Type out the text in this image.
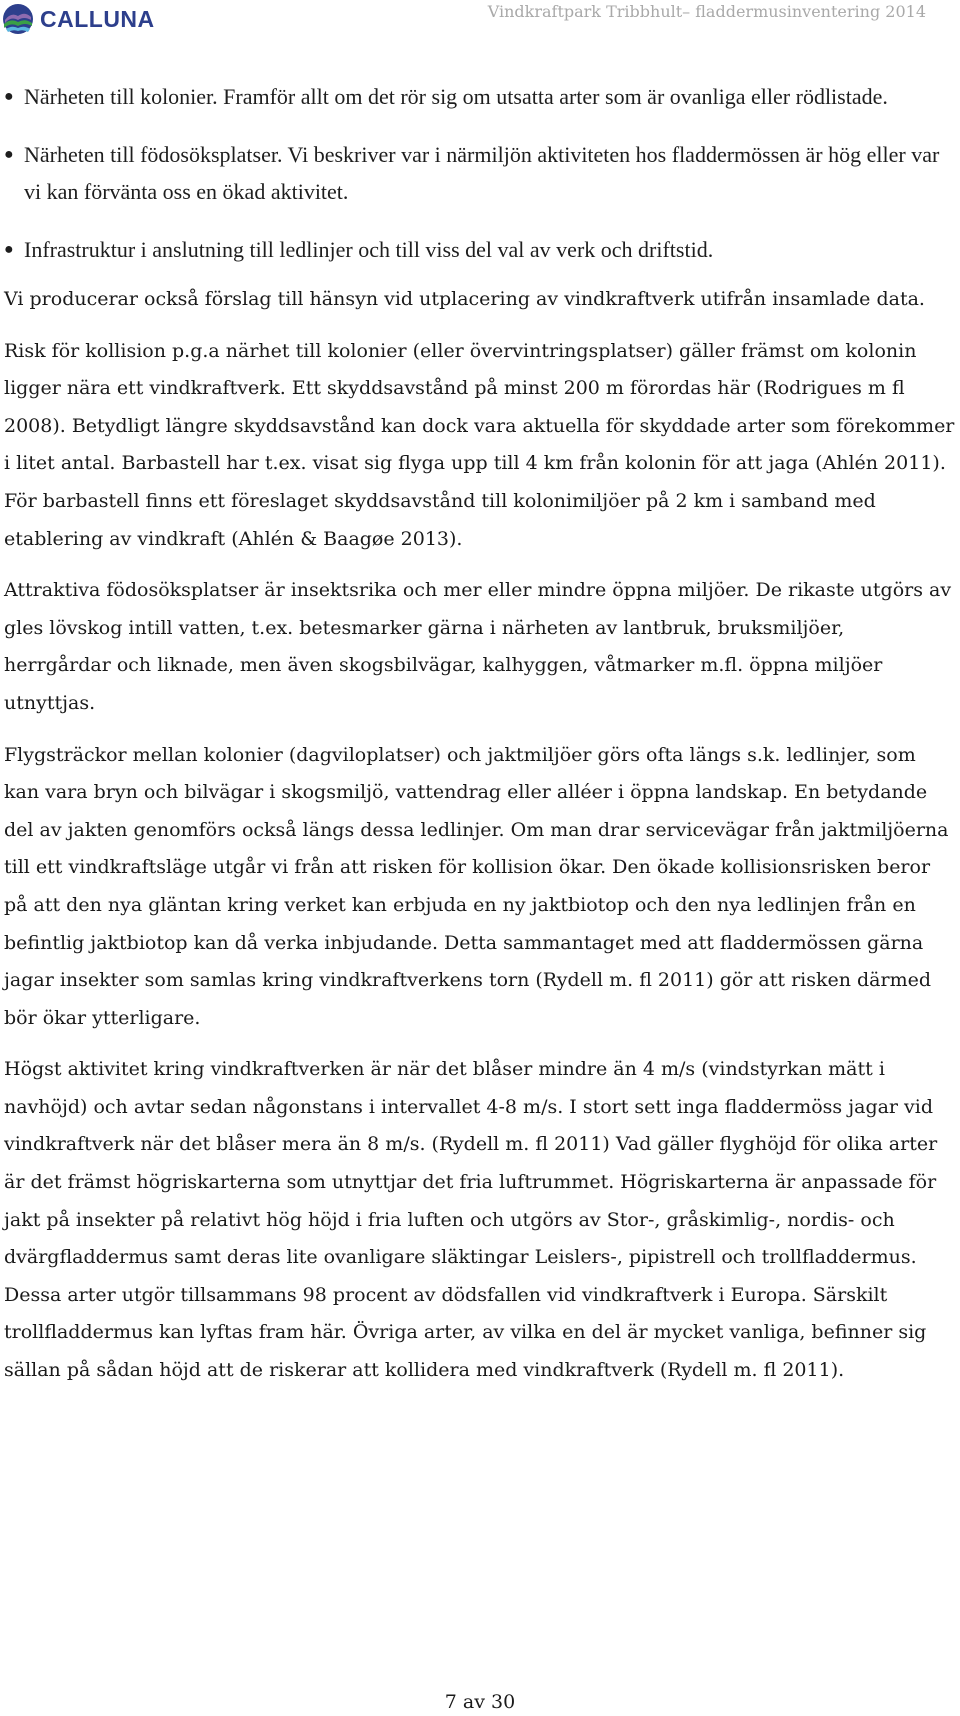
CALLUNA	Vindkraftpark Tribbhult– fladdermusinventering 2014
● Närheten till kolonier. Framför allt om det rör sig om utsatta arter som är ovanliga eller rödlistade.
● Närheten till födosöksplatser. Vi beskriver var i närmiljön aktiviteten hos fladdermössen är hög eller var vi kan förvänta oss en ökad aktivitet.
● Infrastruktur i anslutning till ledlinjer och till viss del val av verk och driftstid.

Vi producerar också förslag till hänsyn vid utplacering av vindkraftverk utifrån insamlade data.

Risk för kollision p.g.a närhet till kolonier (eller övervintringsplatser) gäller främst om kolonin ligger nära ett vindkraftverk. Ett skyddsavstånd på minst 200 m förordas här (Rodrigues m fl 2008). Betydligt längre skyddsavstånd kan dock vara aktuella för skyddade arter som förekommer i litet antal. Barbastell har t.ex. visat sig flyga upp till 4 km från kolonin för att jaga (Ahlén 2011). För barbastell finns ett föreslaget skyddsavstånd till kolonimiljöer på 2 km i samband med etablering av vindkraft (Ahlén & Baagøe 2013).

Attraktiva födosöksplatser är insektsrika och mer eller mindre öppna miljöer. De rikaste utgörs av gles lövskog intill vatten, t.ex. betesmarker gärna i närheten av lantbruk, bruksmiljöer, herrgårdar och liknade, men även skogsbilvägar, kalhyggen, våtmarker m.fl. öppna miljöer utnyttjas.

Flygsträckor mellan kolonier (dagviloplatser) och jaktmiljöer görs ofta längs s.k. ledlinjer, som kan vara bryn och bilvägar i skogsmiljö, vattendrag eller alléer i öppna landskap. En betydande del av jakten genomförs också längs dessa ledlinjer. Om man drar servicevägar från jaktmiljöerna till ett vindkraftsläge utgår vi från att risken för kollision ökar. Den ökade kollisionsrisken beror på att den nya gläntan kring verket kan erbjuda en ny jaktbiotop och den nya ledlinjen från en befintlig jaktbiotop kan då verka inbjudande. Detta sammantaget med att fladdermössen gärna jagar insekter som samlas kring vindkraftverkens torn (Rydell m. fl 2011) gör att risken därmed bör ökar ytterligare.

Högst aktivitet kring vindkraftverken är när det blåser mindre än 4 m/s (vindstyrkan mätt i navhöjd) och avtar sedan någonstans i intervallet 4-8 m/s. I stort sett inga fladdermöss jagar vid vindkraftverk när det blåser mera än 8 m/s. (Rydell m. fl 2011) Vad gäller flyghöjd för olika arter är det främst högriskarterna som utnyttjar det fria luftrummet. Högriskarterna är anpassade för jakt på insekter på relativt hög höjd i fria luften och utgörs av Stor-, gråskimlig-, nordis- och dvärgfladdermus samt deras lite ovanligare släktingar Leislers-, pipistrell och trollfladdermus. Dessa arter utgör tillsammans 98 procent av dödsfallen vid vindkraftverk i Europa. Särskilt trollfladdermus kan lyftas fram här. Övriga arter, av vilka en del är mycket vanliga, befinner sig sällan på sådan höjd att de riskerar att kollidera med vindkraftverk (Rydell m. fl 2011).

7 av 30
